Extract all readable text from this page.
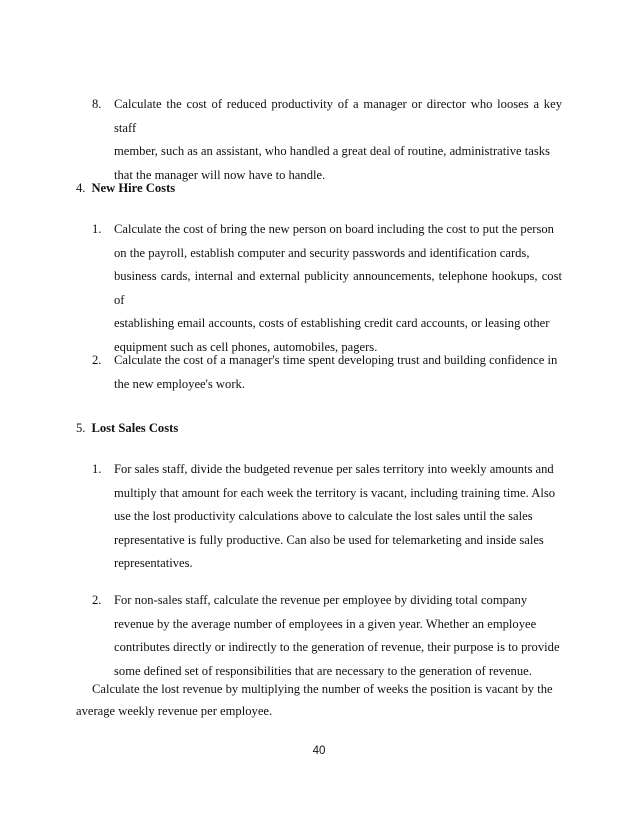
8. Calculate the cost of reduced productivity of a manager or director who looses a key staff
member, such as an assistant, who handled a great deal of routine, administrative tasks
that the manager will now have to handle.
4. New Hire Costs
1. Calculate the cost of bring the new person on board including the cost to put the person
on the payroll, establish computer and security passwords and identification cards,
business cards, internal and external publicity announcements, telephone hookups, cost of
establishing email accounts, costs of establishing credit card accounts, or leasing other
equipment such as cell phones, automobiles, pagers.
2. Calculate the cost of a manager's time spent developing trust and building confidence in
the new employee's work.
5. Lost Sales Costs
1. For sales staff, divide the budgeted revenue per sales territory into weekly amounts and
multiply that amount for each week the territory is vacant, including training time. Also
use the lost productivity calculations above to calculate the lost sales until the sales
representative is fully productive. Can also be used for telemarketing and inside sales
representatives.
2. For non-sales staff, calculate the revenue per employee by dividing total company
revenue by the average number of employees in a given year. Whether an employee
contributes directly or indirectly to the generation of revenue, their purpose is to provide
some defined set of responsibilities that are necessary to the generation of revenue.
Calculate the lost revenue by multiplying the number of weeks the position is vacant by the
average weekly revenue per employee.
40
